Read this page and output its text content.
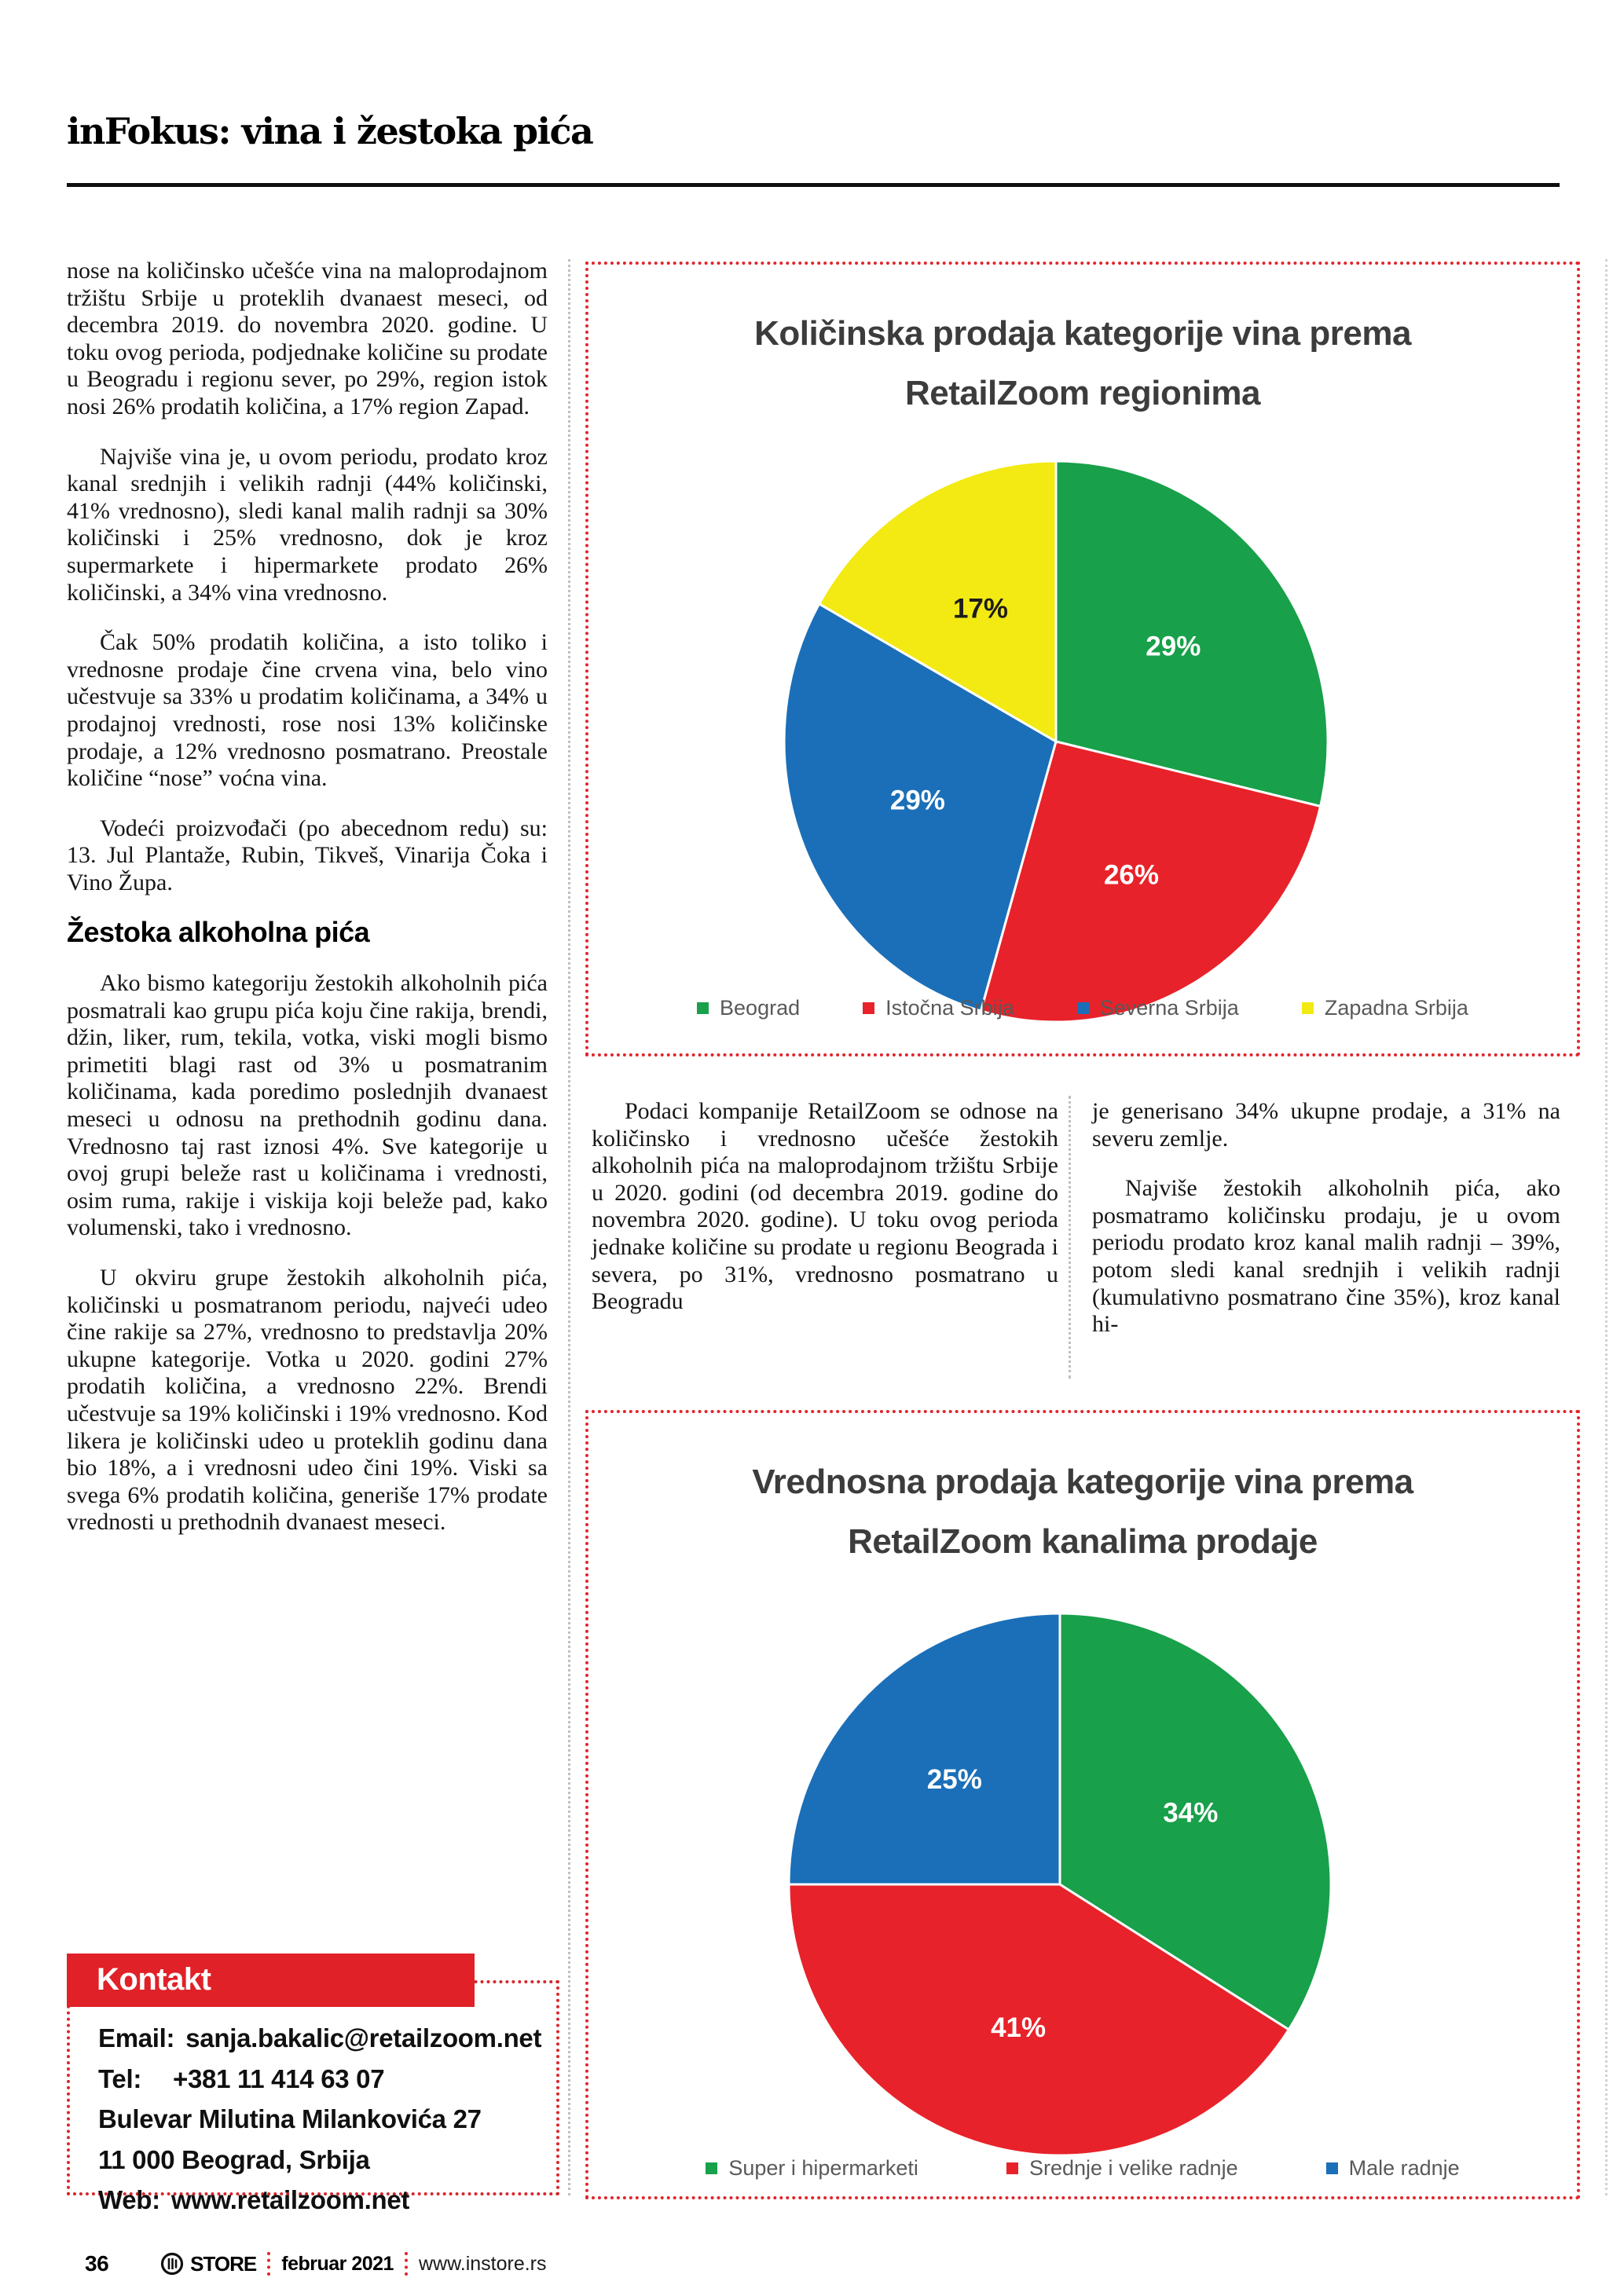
inFokus: vina i žestoka pića

nose na količinsko učešće vina na maloprodajnom tržištu Srbije u proteklih dvanaest meseci, od decembra 2019. do novembra 2020. godine. U toku ovog perioda, podjednake količine su prodate u Beogradu i regionu sever, po 29%, region istok nosi 26% prodatih količina, a 17% region Zapad.

Najviše vina je, u ovom periodu, prodato kroz kanal srednjih i velikih radnji (44% količinski, 41% vrednosno), sledi kanal malih radnji sa 30% količinski i 25% vrednosno, dok je kroz supermarkete i hipermarkete prodato 26% količinski, a 34% vina vrednosno.

Čak 50% prodatih količina, a isto toliko i vrednosne prodaje čine crvena vina, belo vino učestvuje sa 33% u prodatim količinama, a 34% u prodajnoj vrednosti, rose nosi 13% količinske prodaje, a 12% vrednosno posmatrano. Preostale količine “nose” voćna vina.

Vodeći proizvođači (po abecednom redu) su: 13. Jul Plantaže, Rubin, Tikveš, Vinarija Čoka i Vino Župa.

Žestoka alkoholna pića

Ako bismo kategoriju žestokih alkoholnih pića posmatrali kao grupu pića koju čine rakija, brendi, džin, liker, rum, tekila, votka, viski mogli bismo primetiti blagi rast od 3% u posmatranim količinama, kada poredimo poslednjih dvanaest meseci u odnosu na prethodnih godinu dana. Vrednosno taj rast iznosi 4%. Sve kategorije u ovoj grupi beleže rast u količinama i vrednosti, osim ruma, rakije i viskija koji beleže pad, kako volumenski, tako i vrednosno.

U okviru grupe žestokih alkoholnih pića, količinski u posmatranom periodu, najveći udeo čine rakije sa 27%, vrednosno to predstavlja 20% ukupne kategorije. Votka u 2020. godini 27% prodatih količina, a vrednosno 22%. Brendi učestvuje sa 19% količinski i 19% vrednosno. Kod likera je količinski udeo u proteklih godinu dana bio 18%, a i vrednosni udeo čini 19%. Viski sa svega 6% prodatih količina, generiše 17% prodate vrednosti u prethodnih dvanaest meseci.

Količinska prodaja kategorije vina prema
RetailZoom regionima
29%
26%
29%
17%
Beograd	Istočna Srbija	Severna Srbija	Zapadna Srbija

Podaci kompanije RetailZoom se odnose na količinsko i vrednosno učešće žestokih alkoholnih pića na maloprodajnom tržištu Srbije u 2020. godini (od decembra 2019. godine do novembra 2020. godine). U toku ovog perioda jednake količine su prodate u regionu Beograda i severa, po 31%, vrednosno posmatrano u Beogradu

je generisano 34% ukupne prodaje, a 31% na severu zemlje.

Najviše žestokih alkoholnih pića, ako posmatramo količinsku prodaju, je u ovom periodu prodato kroz kanal malih radnji – 39%, potom sledi kanal srednjih i velikih radnji (kumulativno posmatrano čine 35%), kroz kanal hi-

Vrednosna prodaja kategorije vina prema
RetailZoom kanalima prodaje
34%
41%
25%
Super i hipermarketi	Srednje i velike radnje	Male radnje
Kontakt
Email: sanja.bakalic@retailzoom.net
Tel: +381 11 414 63 07
Bulevar Milutina Milankovića 27
11 000 Beograd, Srbija
Web: www.retailzoom.net
36	STORE februar 2021 www.instore.rs
